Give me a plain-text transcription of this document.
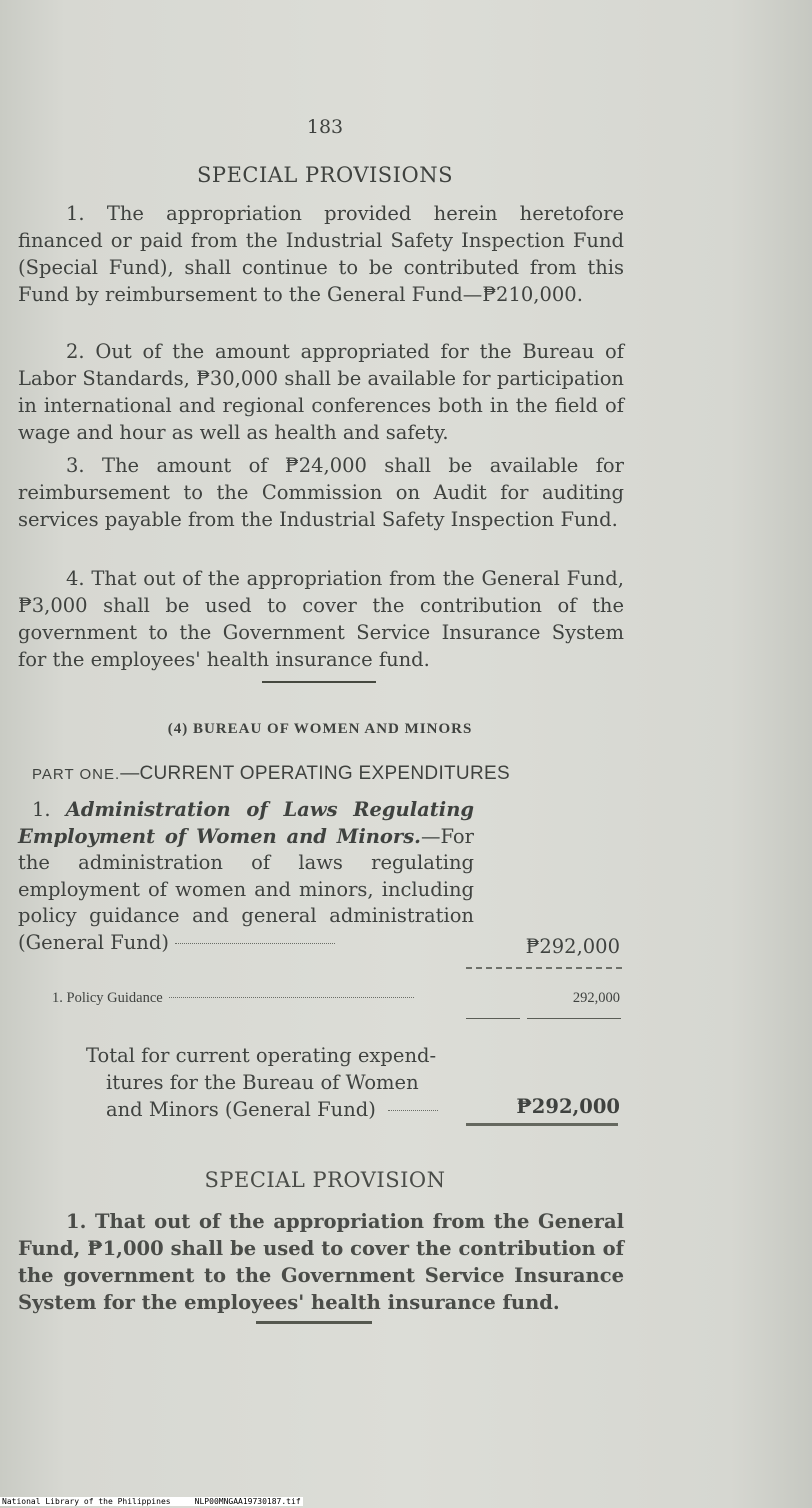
183
SPECIAL PROVISIONS
1. The appropriation provided herein heretofore financed or paid from the Industrial Safety Inspection Fund (Special Fund), shall continue to be contributed from this Fund by reimbursement to the General Fund—₱210,000.
2. Out of the amount appropriated for the Bureau of Labor Standards, ₱30,000 shall be available for participation in international and regional conferences both in the field of wage and hour as well as health and safety.
3. The amount of ₱24,000 shall be available for reimbursement to the Commission on Audit for auditing services payable from the Industrial Safety Inspection Fund.
4. That out of the appropriation from the General Fund, ₱3,000 shall be used to cover the contribution of the government to the Government Service Insurance System for the employees' health insurance fund.
(4) BUREAU OF WOMEN AND MINORS
PART ONE.—CURRENT OPERATING EXPENDITURES
1. Administration of Laws Regulating Employment of Women and Minors.—For the administration of laws regulating employment of women and minors, including policy guidance and general administration (General Fund)	₱292,000
1. Policy Guidance	292,000
Total for current operating expend-
itures for the Bureau of Women
and Minors (General Fund)	₱292,000
SPECIAL PROVISION
1. That out of the appropriation from the General Fund, ₱1,000 shall be used to cover the contribution of the government to the Government Service Insurance System for the employees' health insurance fund.
National Library of the Philippines	NLP00MNGAA19730187.tif
